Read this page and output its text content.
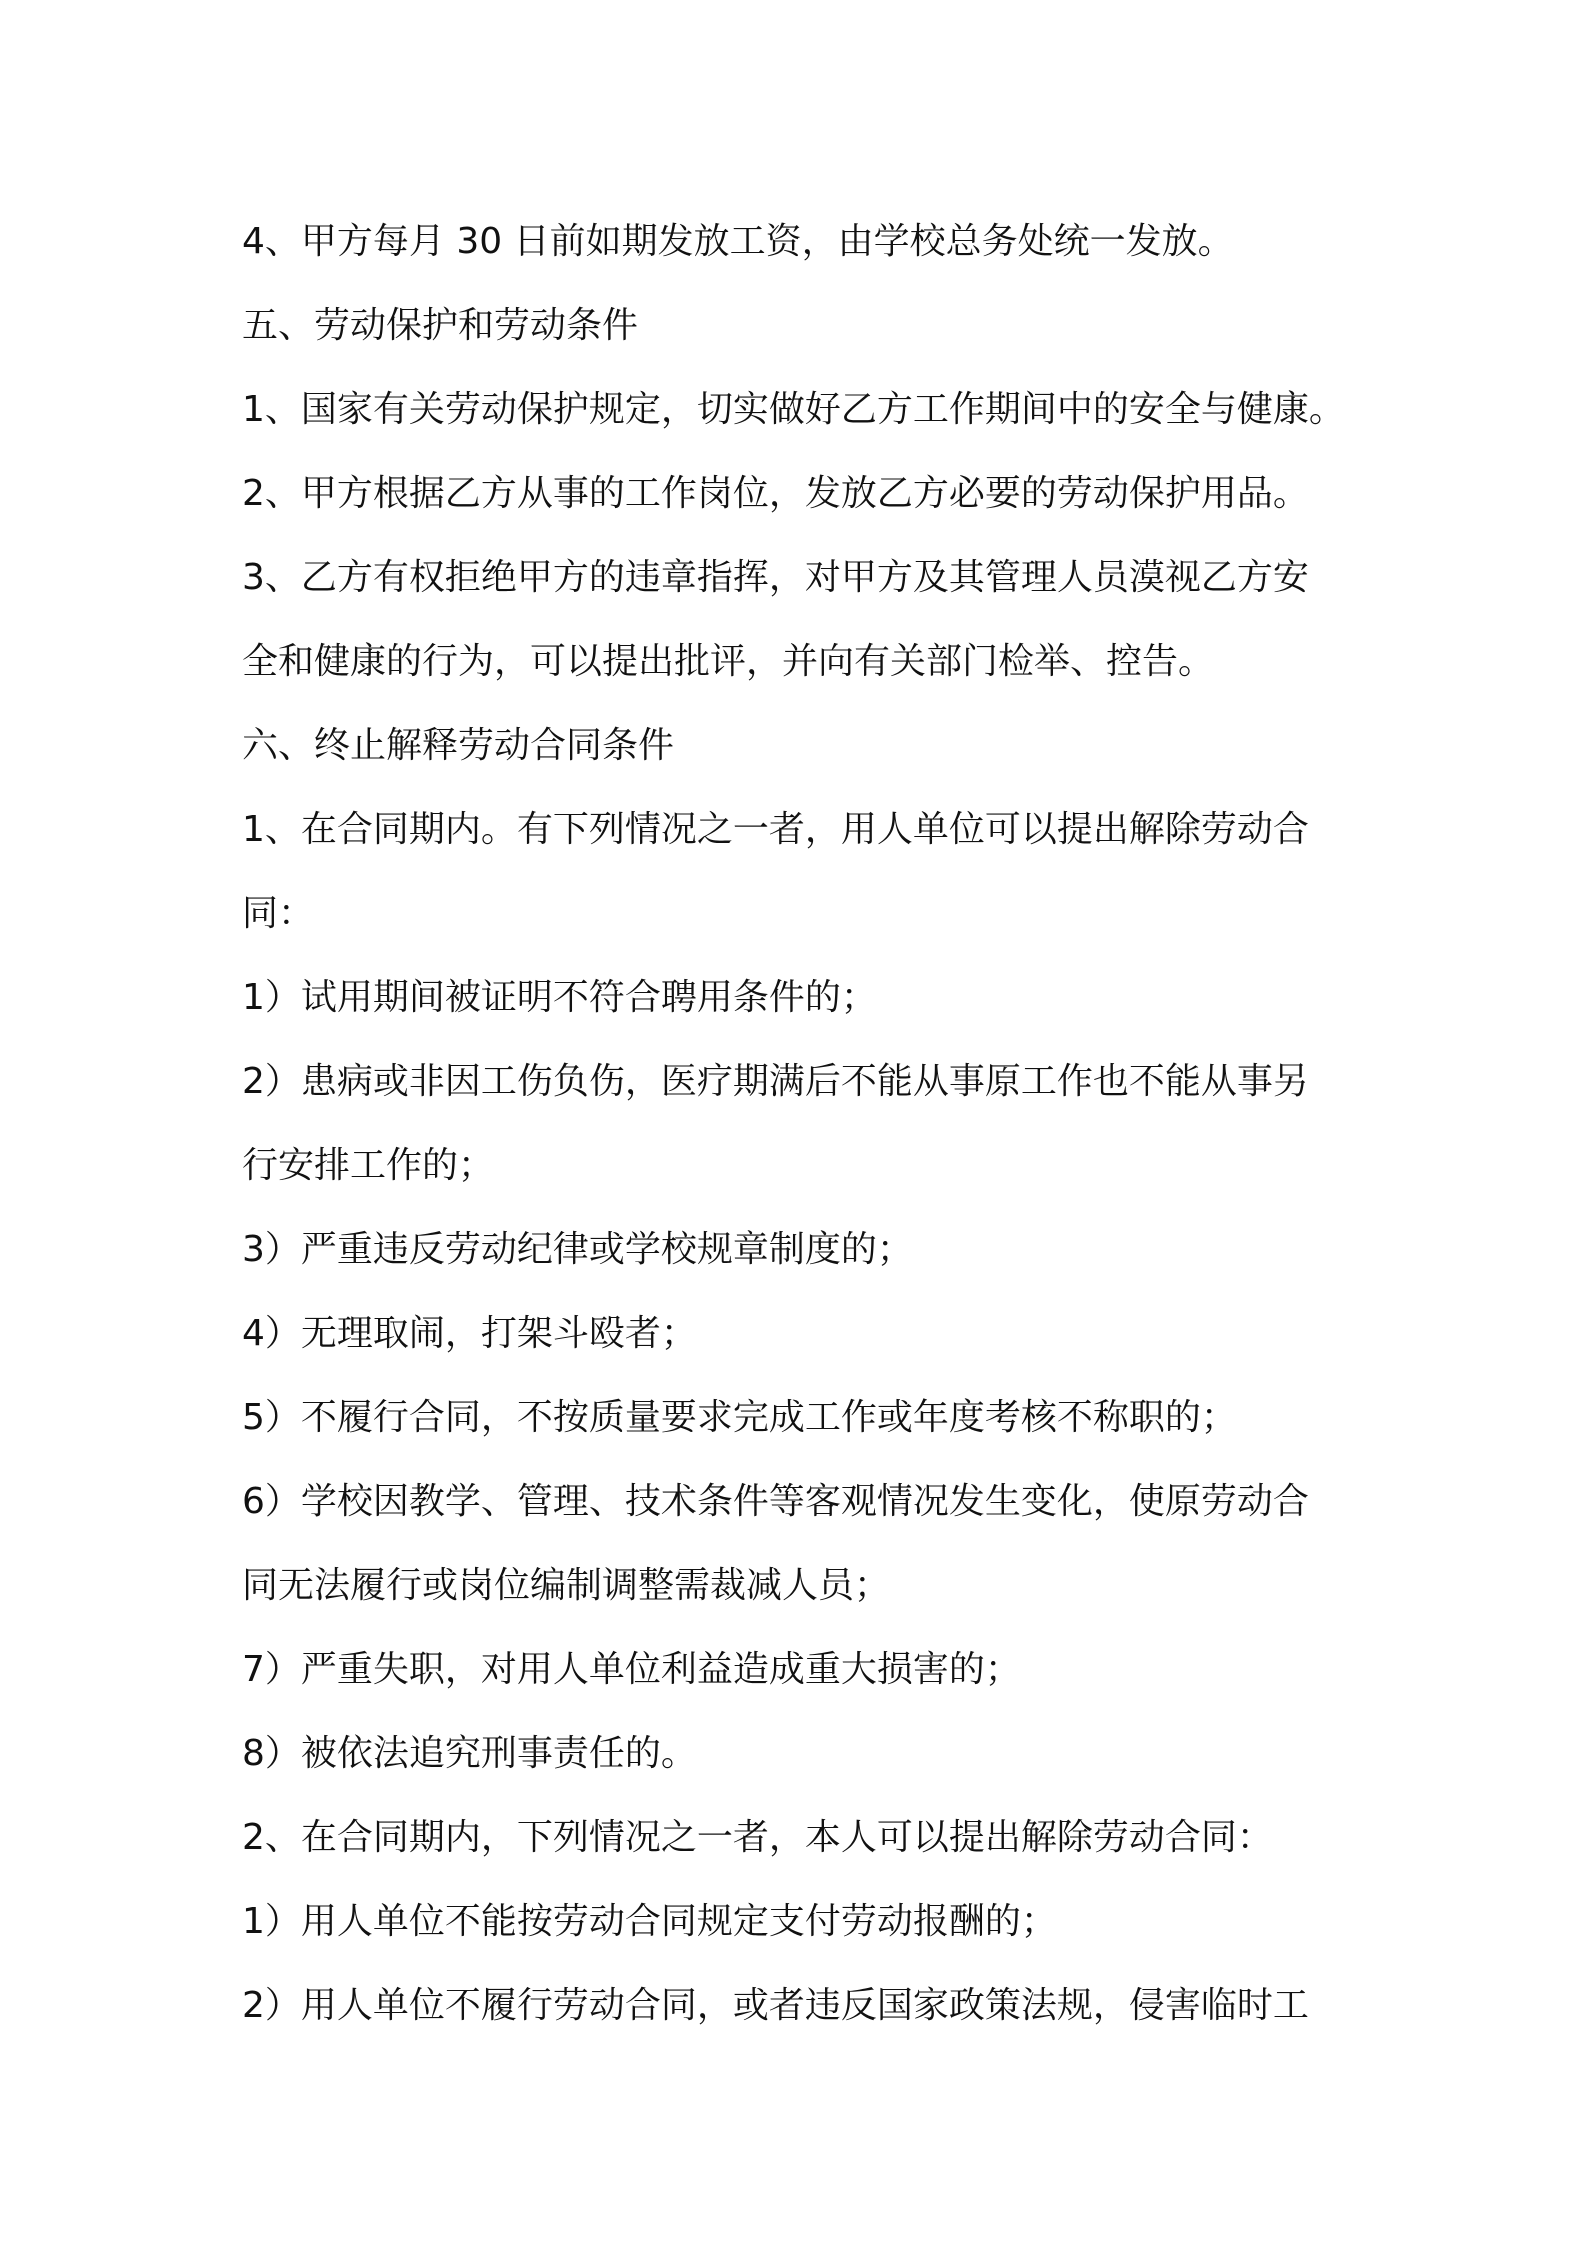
4、甲方每月 30 日前如期发放工资，由学校总务处统一发放。
五、劳动保护和劳动条件
1、国家有关劳动保护规定，切实做好乙方工作期间中的安全与健康。
2、甲方根据乙方从事的工作岗位，发放乙方必要的劳动保护用品。
3、乙方有权拒绝甲方的违章指挥，对甲方及其管理人员漠视乙方安
全和健康的行为，可以提出批评，并向有关部门检举、控告。
六、终止解释劳动合同条件
1、在合同期内。有下列情况之一者，用人单位可以提出解除劳动合
同：
1）试用期间被证明不符合聘用条件的；
2）患病或非因工伤负伤，医疗期满后不能从事原工作也不能从事另
行安排工作的；
3）严重违反劳动纪律或学校规章制度的；
4）无理取闹，打架斗殴者；
5）不履行合同，不按质量要求完成工作或年度考核不称职的；
6）学校因教学、管理、技术条件等客观情况发生变化，使原劳动合
同无法履行或岗位编制调整需裁减人员；
7）严重失职，对用人单位利益造成重大损害的；
8）被依法追究刑事责任的。
2、在合同期内，下列情况之一者，本人可以提出解除劳动合同：
1）用人单位不能按劳动合同规定支付劳动报酬的；
2）用人单位不履行劳动合同，或者违反国家政策法规，侵害临时工
